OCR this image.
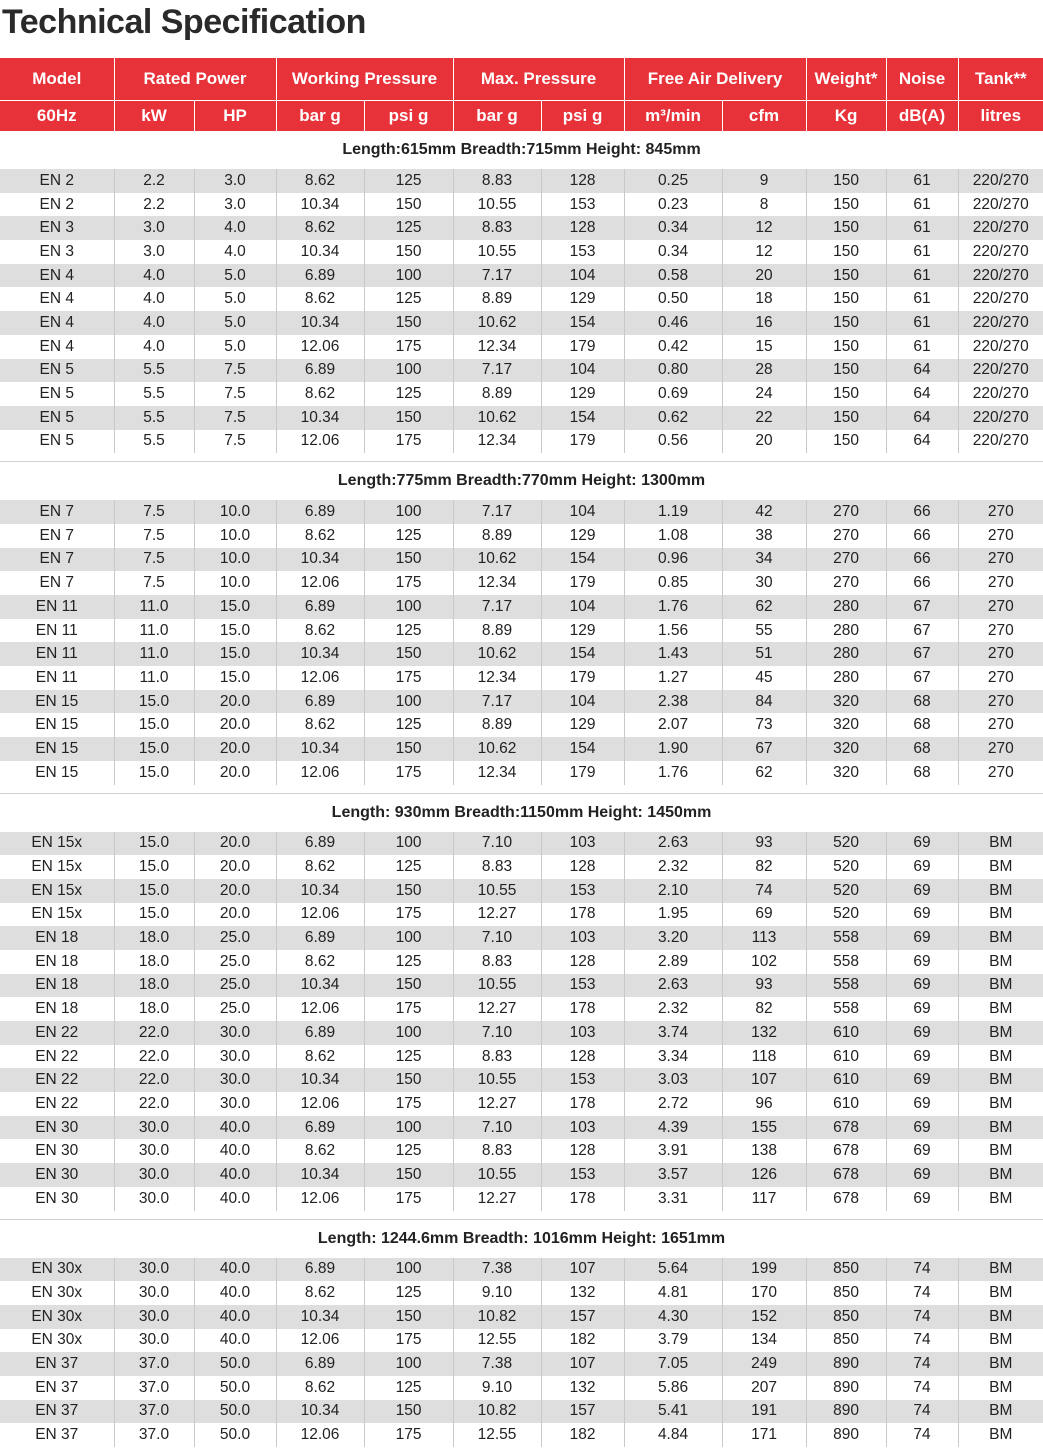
Technical Specification
Model	Rated Power		Working Pressure		Max. Pressure		Free Air Delivery		Weight*	Noise	Tank**
60Hz	kW	HP	bar g	psi g	bar g	psi g	m³/min	cfm	Kg	dB(A)	litres
Length:615mm Breadth:715mm Height: 845mm											
EN 2	2.2	3.0	8.62	125	8.83	128	0.25	9	150	61	220/270
EN 2	2.2	3.0	10.34	150	10.55	153	0.23	8	150	61	220/270
EN 3	3.0	4.0	8.62	125	8.83	128	0.34	12	150	61	220/270
EN 3	3.0	4.0	10.34	150	10.55	153	0.34	12	150	61	220/270
EN 4	4.0	5.0	6.89	100	7.17	104	0.58	20	150	61	220/270
EN 4	4.0	5.0	8.62	125	8.89	129	0.50	18	150	61	220/270
EN 4	4.0	5.0	10.34	150	10.62	154	0.46	16	150	61	220/270
EN 4	4.0	5.0	12.06	175	12.34	179	0.42	15	150	61	220/270
EN 5	5.5	7.5	6.89	100	7.17	104	0.80	28	150	64	220/270
EN 5	5.5	7.5	8.62	125	8.89	129	0.69	24	150	64	220/270
EN 5	5.5	7.5	10.34	150	10.62	154	0.62	22	150	64	220/270
EN 5	5.5	7.5	12.06	175	12.34	179	0.56	20	150	64	220/270

Length:775mm Breadth:770mm Height: 1300mm											
EN 7	7.5	10.0	6.89	100	7.17	104	1.19	42	270	66	270
EN 7	7.5	10.0	8.62	125	8.89	129	1.08	38	270	66	270
EN 7	7.5	10.0	10.34	150	10.62	154	0.96	34	270	66	270
EN 7	7.5	10.0	12.06	175	12.34	179	0.85	30	270	66	270
EN 11	11.0	15.0	6.89	100	7.17	104	1.76	62	280	67	270
EN 11	11.0	15.0	8.62	125	8.89	129	1.56	55	280	67	270
EN 11	11.0	15.0	10.34	150	10.62	154	1.43	51	280	67	270
EN 11	11.0	15.0	12.06	175	12.34	179	1.27	45	280	67	270
EN 15	15.0	20.0	6.89	100	7.17	104	2.38	84	320	68	270
EN 15	15.0	20.0	8.62	125	8.89	129	2.07	73	320	68	270
EN 15	15.0	20.0	10.34	150	10.62	154	1.90	67	320	68	270
EN 15	15.0	20.0	12.06	175	12.34	179	1.76	62	320	68	270

Length: 930mm Breadth:1150mm Height: 1450mm											
EN 15x	15.0	20.0	6.89	100	7.10	103	2.63	93	520	69	BM
EN 15x	15.0	20.0	8.62	125	8.83	128	2.32	82	520	69	BM
EN 15x	15.0	20.0	10.34	150	10.55	153	2.10	74	520	69	BM
EN 15x	15.0	20.0	12.06	175	12.27	178	1.95	69	520	69	BM
EN 18	18.0	25.0	6.89	100	7.10	103	3.20	113	558	69	BM
EN 18	18.0	25.0	8.62	125	8.83	128	2.89	102	558	69	BM
EN 18	18.0	25.0	10.34	150	10.55	153	2.63	93	558	69	BM
EN 18	18.0	25.0	12.06	175	12.27	178	2.32	82	558	69	BM
EN 22	22.0	30.0	6.89	100	7.10	103	3.74	132	610	69	BM
EN 22	22.0	30.0	8.62	125	8.83	128	3.34	118	610	69	BM
EN 22	22.0	30.0	10.34	150	10.55	153	3.03	107	610	69	BM
EN 22	22.0	30.0	12.06	175	12.27	178	2.72	96	610	69	BM
EN 30	30.0	40.0	6.89	100	7.10	103	4.39	155	678	69	BM
EN 30	30.0	40.0	8.62	125	8.83	128	3.91	138	678	69	BM
EN 30	30.0	40.0	10.34	150	10.55	153	3.57	126	678	69	BM
EN 30	30.0	40.0	12.06	175	12.27	178	3.31	117	678	69	BM

Length: 1244.6mm Breadth: 1016mm Height: 1651mm											
EN 30x	30.0	40.0	6.89	100	7.38	107	5.64	199	850	74	BM
EN 30x	30.0	40.0	8.62	125	9.10	132	4.81	170	850	74	BM
EN 30x	30.0	40.0	10.34	150	10.82	157	4.30	152	850	74	BM
EN 30x	30.0	40.0	12.06	175	12.55	182	3.79	134	850	74	BM
EN 37	37.0	50.0	6.89	100	7.38	107	7.05	249	890	74	BM
EN 37	37.0	50.0	8.62	125	9.10	132	5.86	207	890	74	BM
EN 37	37.0	50.0	10.34	150	10.82	157	5.41	191	890	74	BM
EN 37	37.0	50.0	12.06	175	12.55	182	4.84	171	890	74	BM
